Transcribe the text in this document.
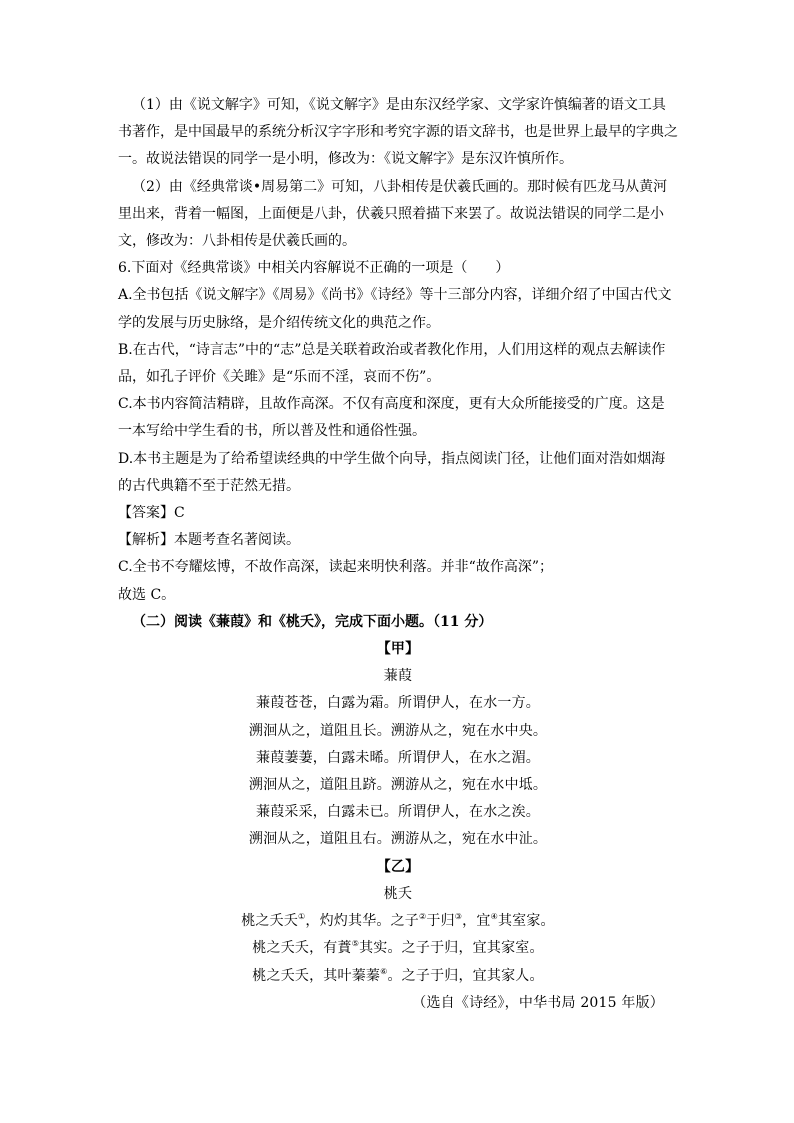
（1）由《说文解字》可知，《说文解字》是由东汉经学家、文学家许慎编著的语文工具书著作，是中国最早的系统分析汉字字形和考究字源的语文辞书，也是世界上最早的字典之一。故说法错误的同学一是小明，修改为：《说文解字》是东汉许慎所作。

（2）由《经典常谈•周易第二》可知，八卦相传是伏羲氏画的。那时候有匹龙马从黄河里出来，背着一幅图，上面便是八卦，伏羲只照着描下来罢了。故说法错误的同学二是小文，修改为：八卦相传是伏羲氏画的。

6.下面对《经典常谈》中相关内容解说不正确的一项是（　　）

A.全书包括《说文解字》《周易》《尚书》《诗经》等十三部分内容，详细介绍了中国古代文学的发展与历史脉络，是介绍传统文化的典范之作。

B.在古代，“诗言志”中的“志”总是关联着政治或者教化作用，人们用这样的观点去解读作品，如孔子评价《关雎》是“乐而不淫，哀而不伤”。

C.本书内容简洁精辟，且故作高深。不仅有高度和深度，更有大众所能接受的广度。这是一本写给中学生看的书，所以普及性和通俗性强。

D.本书主题是为了给希望读经典的中学生做个向导，指点阅读门径，让他们面对浩如烟海的古代典籍不至于茫然无措。

【答案】C

【解析】本题考查名著阅读。

C.全书不夸耀炫博，不故作高深，读起来明快利落。并非“故作高深”；

故选 C。

（二）阅读《蒹葭》和《桃夭》，完成下面小题。（11 分）

【甲】

蒹葭

蒹葭苍苍，白露为霜。所谓伊人，在水一方。

溯洄从之，道阻且长。溯游从之，宛在水中央。

蒹葭萋萋，白露未晞。所谓伊人，在水之湄。

溯洄从之，道阻且跻。溯游从之，宛在水中坻。

蒹葭采采，白露未已。所谓伊人，在水之涘。

溯洄从之，道阻且右。溯游从之，宛在水中沚。

【乙】

桃夭

桃之夭夭①，灼灼其华。之子②于归③，宜④其室家。

桃之夭夭，有蕡⑤其实。之子于归，宜其家室。

桃之夭夭，其叶蓁蓁⑥。之子于归，宜其家人。

（选自《诗经》，中华书局 2015 年版）
